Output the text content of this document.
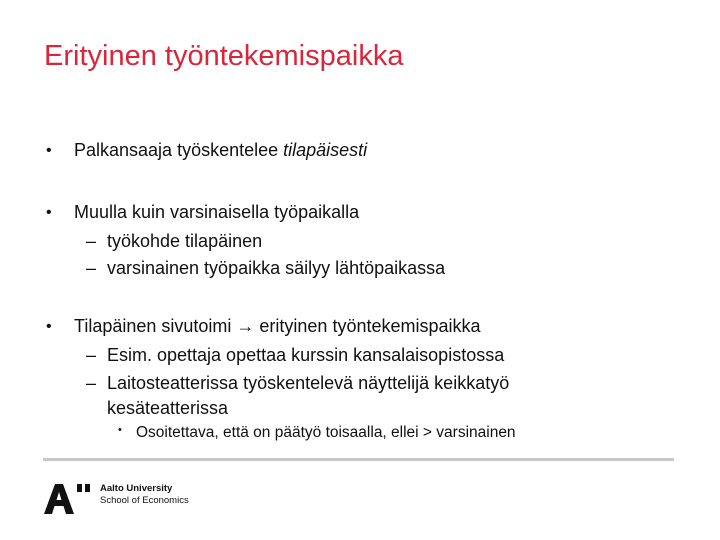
Erityinen työntekemispaikka
• Palkansaaja työskentelee tilapäisesti
• Muulla kuin varsinaisella työpaikalla
– työkohde tilapäinen
– varsinainen työpaikka säilyy lähtöpaikassa
• Tilapäinen sivutoimi → erityinen työntekemispaikka
– Esim. opettaja opettaa kurssin kansalaisopistossa
– Laitosteatterissa työskentelevä näyttelijä keikkatyö
kesäteatterissa
• Osoitettava, että on päätyö toisaalla, ellei > varsinainen
Aalto University
School of Economics
